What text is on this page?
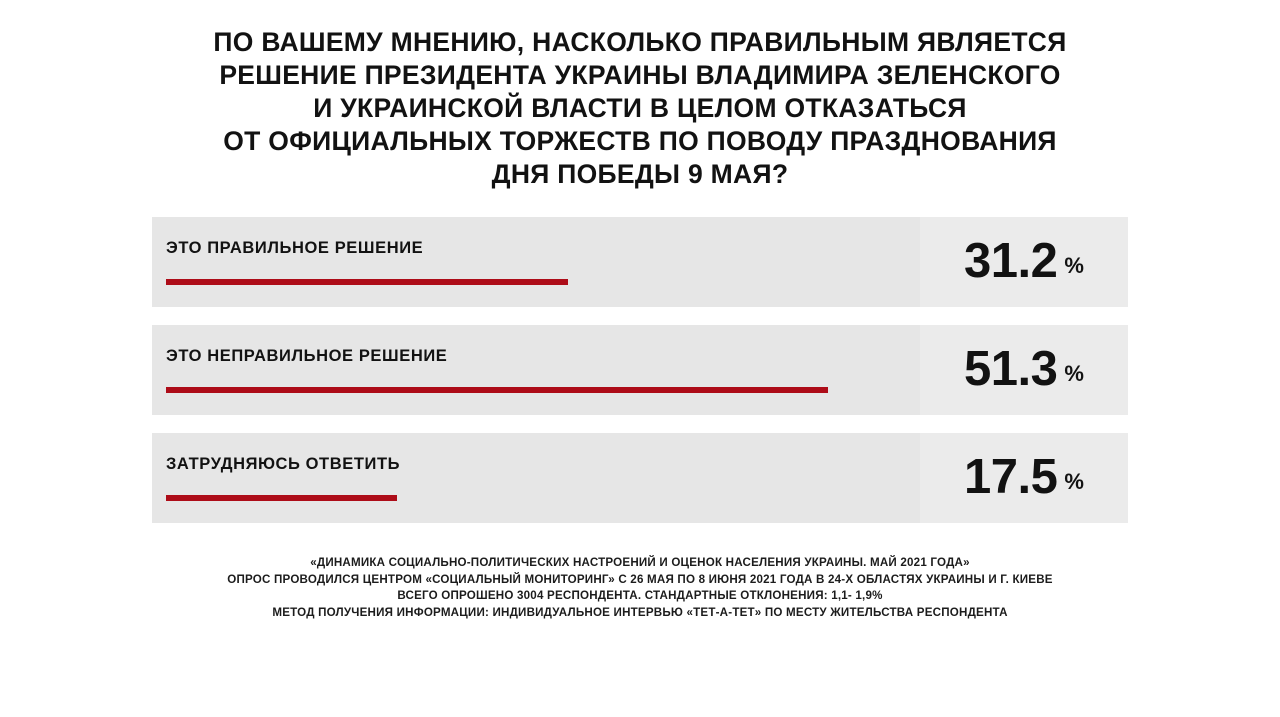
ПО ВАШЕМУ МНЕНИЮ, НАСКОЛЬКО ПРАВИЛЬНЫМ ЯВЛЯЕТСЯ
РЕШЕНИЕ ПРЕЗИДЕНТА УКРАИНЫ ВЛАДИМИРА ЗЕЛЕНСКОГО
И УКРАИНСКОЙ ВЛАСТИ В ЦЕЛОМ ОТКАЗАТЬСЯ
ОТ ОФИЦИАЛЬНЫХ ТОРЖЕСТВ ПО ПОВОДУ ПРАЗДНОВАНИЯ
ДНЯ ПОБЕДЫ 9 МАЯ?
ЭТО ПРАВИЛЬНОЕ РЕШЕНИЕ	31.2 %
ЭТО НЕПРАВИЛЬНОЕ РЕШЕНИЕ	51.3 %
ЗАТРУДНЯЮСЬ ОТВЕТИТЬ	17.5 %
«ДИНАМИКА СОЦИАЛЬНО-ПОЛИТИЧЕСКИХ НАСТРОЕНИЙ И ОЦЕНОК НАСЕЛЕНИЯ УКРАИНЫ. МАЙ 2021 ГОДА»
ОПРОС ПРОВОДИЛСЯ ЦЕНТРОМ «СОЦИАЛЬНЫЙ МОНИТОРИНГ» С 26 МАЯ ПО 8 ИЮНЯ 2021 ГОДА В 24-Х ОБЛАСТЯХ УКРАИНЫ И Г. КИЕВЕ
ВСЕГО ОПРОШЕНО 3004 РЕСПОНДЕНТА. СТАНДАРТНЫЕ ОТКЛОНЕНИЯ: 1,1- 1,9%
МЕТОД ПОЛУЧЕНИЯ ИНФОРМАЦИИ: ИНДИВИДУАЛЬНОЕ ИНТЕРВЬЮ «ТЕТ-А-ТЕТ» ПО МЕСТУ ЖИТЕЛЬСТВА РЕСПОНДЕНТА
